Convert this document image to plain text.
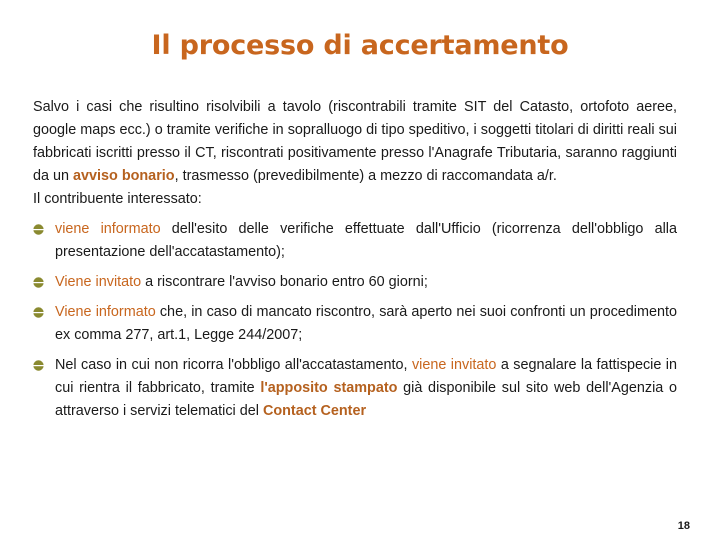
Il processo di accertamento

Salvo i casi che risultino risolvibili a tavolo (riscontrabili tramite SIT del Catasto, ortofoto aeree, google maps ecc.) o tramite verifiche in sopralluogo di tipo speditivo, i soggetti titolari di diritti reali sui fabbricati iscritti presso il CT, riscontrati positivamente presso l'Anagrafe Tributaria, saranno raggiunti da un avviso bonario, trasmesso (prevedibilmente) a mezzo di raccomandata a/r.

Il contribuente interessato:

viene informato dell'esito delle verifiche effettuate dall'Ufficio (ricorrenza dell'obbligo alla presentazione dell'accatastamento);
Viene invitato a riscontrare l'avviso bonario entro 60 giorni;
Viene informato che, in caso di mancato riscontro, sarà aperto nei suoi confronti un procedimento ex comma 277, art.1, Legge 244/2007;
Nel caso in cui non ricorra l'obbligo all'accatastamento, viene invitato a segnalare la fattispecie in cui rientra il fabbricato, tramite l'apposito stampato già disponibile sul sito web dell'Agenzia o attraverso i servizi telematici del Contact Center
18
